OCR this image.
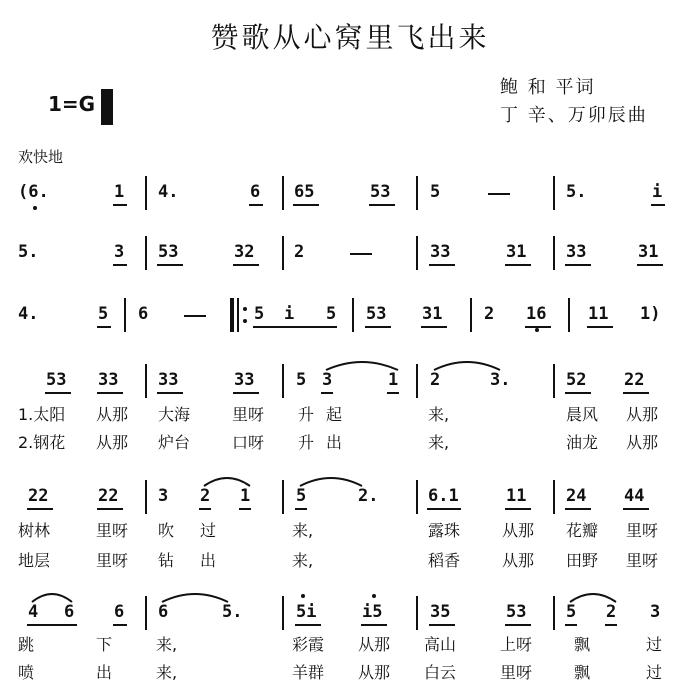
赞歌从心窝里飞出来
1=G
鲍 和 平词
丁 辛、万卯辰曲
欢快地
(6.	1 4.	6 65	53 5	5.	i
5.	3 53	32 2	33	31 33	31
4.	5 6	5 i 5 53 31 2 16 11 1)
53 33 33	33 5 3	1 2	3.	52 22
1.太阳 从那 大海	里呀 升 起	来,	晨风 从那
2.钢花 从那 炉台	口呀 升 出	来,	油龙 从那
22	22 3 2 1	5	2.	6.1	11 24 44
树林	里呀 吹 过	来,	露珠	从那 花瓣 里呀
地层	里呀 钻 出	来,	稻香	从那 田野 里呀
4 6 6 6	5.	5i	i5	35	53 5 2 3
跳	下	来,	彩霞 从那 高山	上呀	飘	过
喷	出	来,	羊群 从那 白云	里呀	飘	过
